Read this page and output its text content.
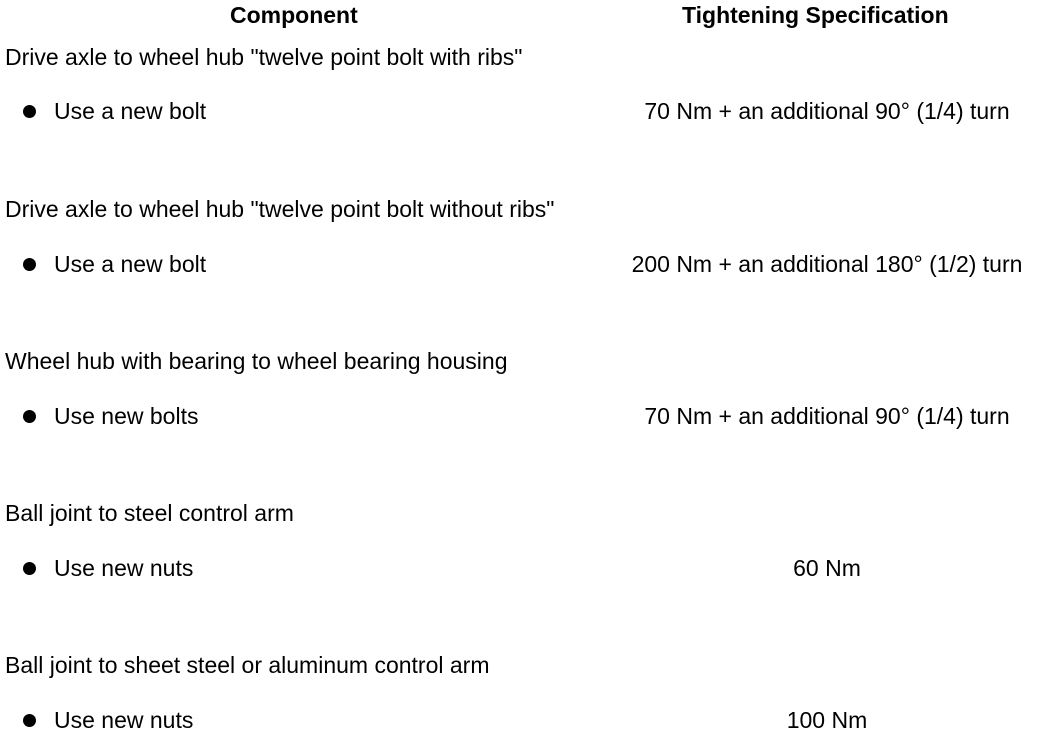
Component	Tightening Specification
Drive axle to wheel hub "twelve point bolt with ribs"
Use a new bolt	70 Nm + an additional 90° (1/4) turn
Drive axle to wheel hub "twelve point bolt without ribs"
Use a new bolt	200 Nm + an additional 180° (1/2) turn
Wheel hub with bearing to wheel bearing housing
Use new bolts	70 Nm + an additional 90° (1/4) turn
Ball joint to steel control arm
Use new nuts	60 Nm
Ball joint to sheet steel or aluminum control arm
Use new nuts	100 Nm
